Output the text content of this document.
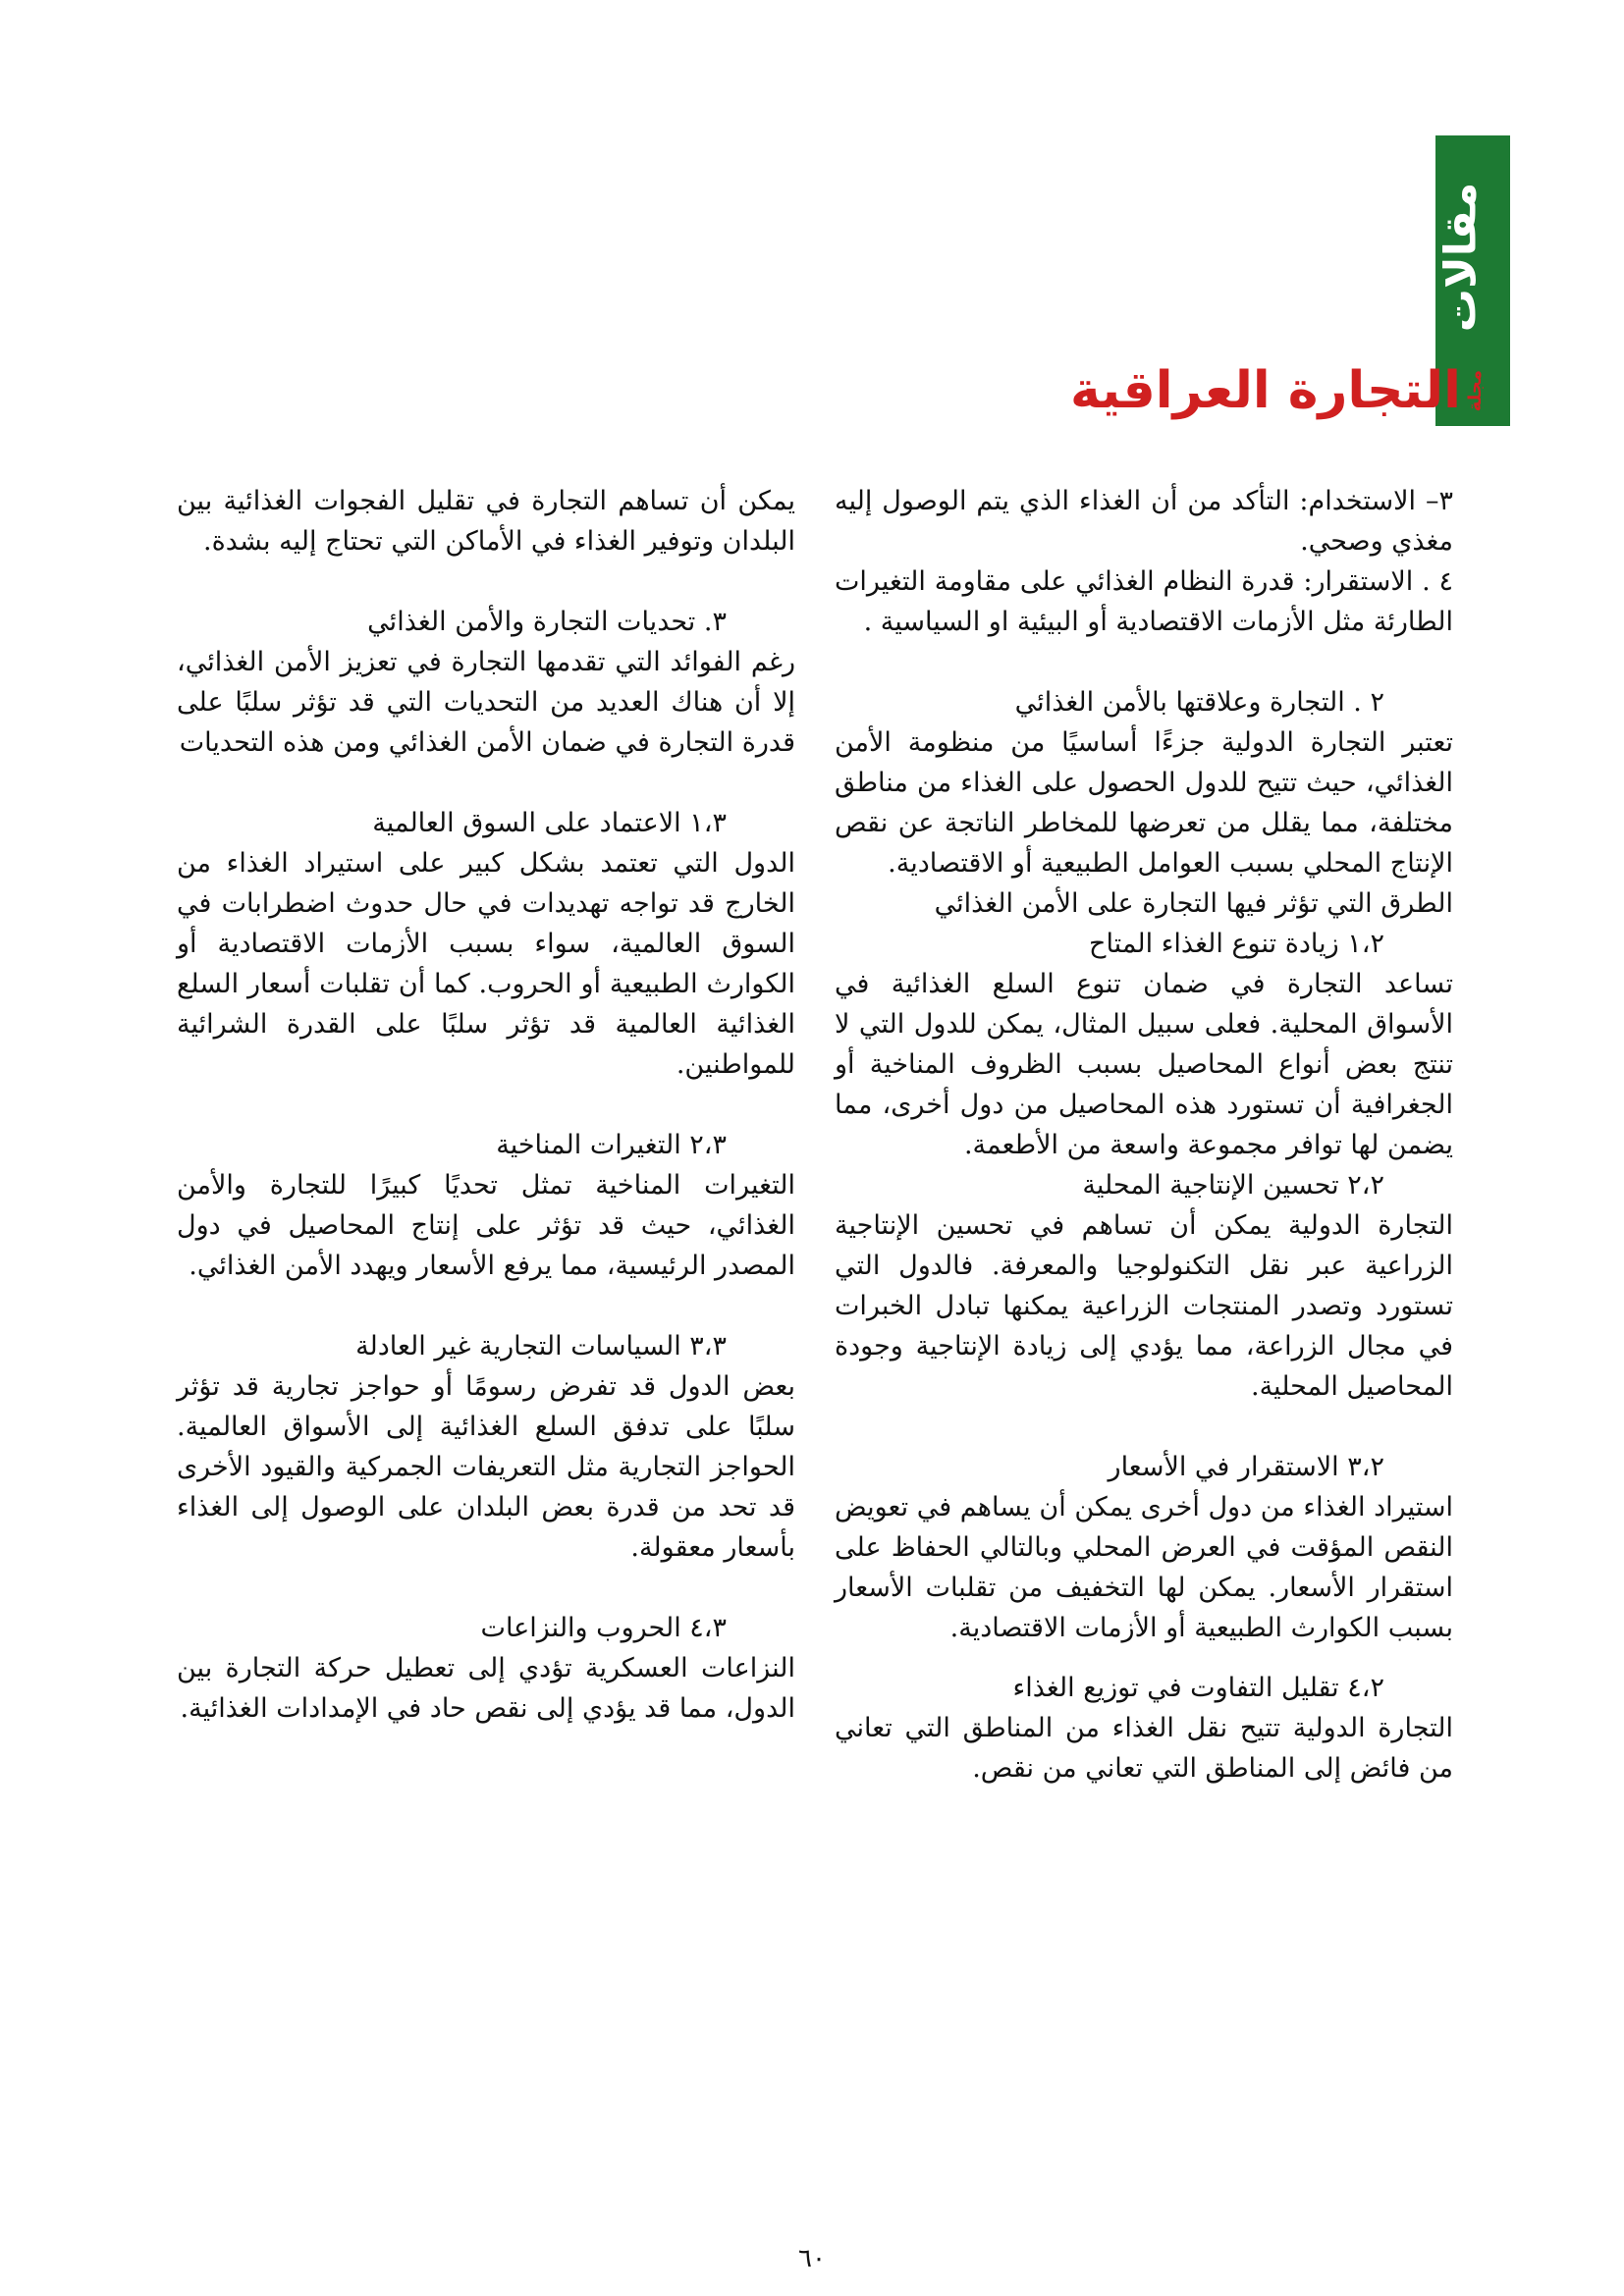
مقالات
مجلة
التجارة العراقية

٣– الاستخدام: التأكد من أن الغذاء الذي يتم الوصول إليه مغذي وصحي.

٤ . الاستقرار: قدرة النظام الغذائي على مقاومة التغيرات الطارئة مثل الأزمات الاقتصادية أو البيئية او السياسية .

٢ . التجارة وعلاقتها بالأمن الغذائي

تعتبر التجارة الدولية جزءًا أساسيًا من منظومة الأمن الغذائي، حيث تتيح للدول الحصول على الغذاء من مناطق مختلفة، مما يقلل من تعرضها للمخاطر الناتجة عن نقص الإنتاج المحلي بسبب العوامل الطبيعية أو الاقتصادية.

الطرق التي تؤثر فيها التجارة على الأمن الغذائي

١،٢ زيادة تنوع الغذاء المتاح

تساعد التجارة في ضمان تنوع السلع الغذائية في الأسواق المحلية. فعلى سبيل المثال، يمكن للدول التي لا تنتج بعض أنواع المحاصيل بسبب الظروف المناخية أو الجغرافية أن تستورد هذه المحاصيل من دول أخرى، مما يضمن لها توافر مجموعة واسعة من الأطعمة.

٢،٢ تحسين الإنتاجية المحلية

التجارة الدولية يمكن أن تساهم في تحسين الإنتاجية الزراعية عبر نقل التكنولوجيا والمعرفة. فالدول التي تستورد وتصدر المنتجات الزراعية يمكنها تبادل الخبرات في مجال الزراعة، مما يؤدي إلى زيادة الإنتاجية وجودة المحاصيل المحلية.

٣،٢ الاستقرار في الأسعار

استيراد الغذاء من دول أخرى يمكن أن يساهم في تعويض النقص المؤقت في العرض المحلي وبالتالي الحفاظ على استقرار الأسعار. يمكن لها التخفيف من تقلبات الأسعار بسبب الكوارث الطبيعية أو الأزمات الاقتصادية.

٤،٢ تقليل التفاوت في توزيع الغذاء

التجارة الدولية تتيح نقل الغذاء من المناطق التي تعاني من فائض إلى المناطق التي تعاني من نقص.

يمكن أن تساهم التجارة في تقليل الفجوات الغذائية بين البلدان وتوفير الغذاء في الأماكن التي تحتاج إليه بشدة.

٣. تحديات التجارة والأمن الغذائي

رغم الفوائد التي تقدمها التجارة في تعزيز الأمن الغذائي، إلا أن هناك العديد من التحديات التي قد تؤثر سلبًا على قدرة التجارة في ضمان الأمن الغذائي ومن هذه التحديات

١،٣ الاعتماد على السوق العالمية

الدول التي تعتمد بشكل كبير على استيراد الغذاء من الخارج قد تواجه تهديدات في حال حدوث اضطرابات في السوق العالمية، سواء بسبب الأزمات الاقتصادية أو الكوارث الطبيعية أو الحروب. كما أن تقلبات أسعار السلع الغذائية العالمية قد تؤثر سلبًا على القدرة الشرائية للمواطنين.

٢،٣ التغيرات المناخية

التغيرات المناخية تمثل تحديًا كبيرًا للتجارة والأمن الغذائي، حيث قد تؤثر على إنتاج المحاصيل في دول المصدر الرئيسية، مما يرفع الأسعار ويهدد الأمن الغذائي.

٣،٣ السياسات التجارية غير العادلة

بعض الدول قد تفرض رسومًا أو حواجز تجارية قد تؤثر سلبًا على تدفق السلع الغذائية إلى الأسواق العالمية. الحواجز التجارية مثل التعريفات الجمركية والقيود الأخرى قد تحد من قدرة بعض البلدان على الوصول إلى الغذاء بأسعار معقولة.

٤،٣ الحروب والنزاعات

النزاعات العسكرية تؤدي إلى تعطيل حركة التجارة بين الدول، مما قد يؤدي إلى نقص حاد في الإمدادات الغذائية.

٦٠
